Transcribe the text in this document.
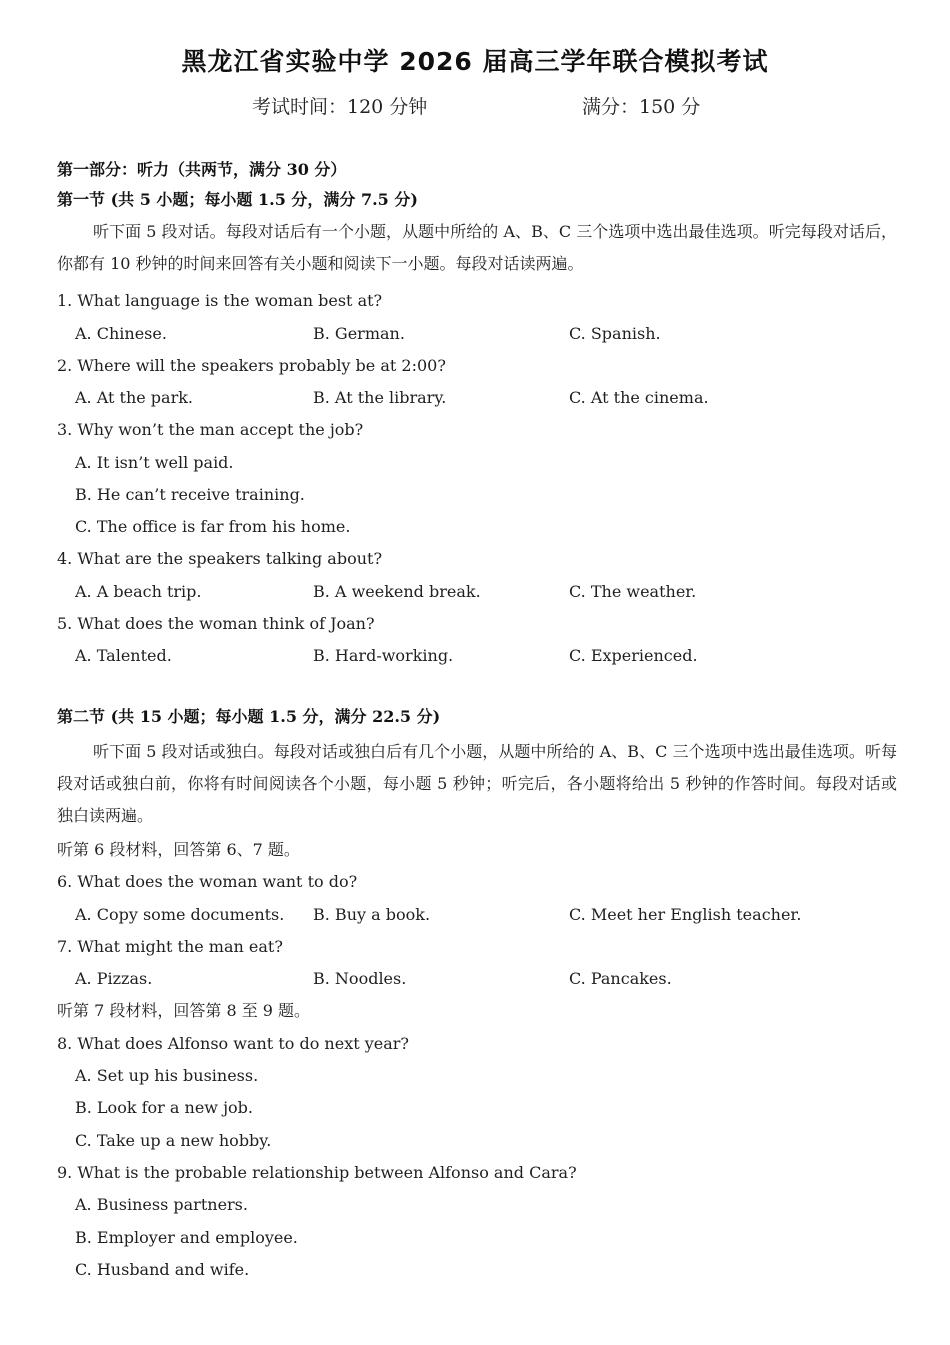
黑龙江省实验中学 2026 届高三学年联合模拟考试
考试时间：120 分钟	满分：150 分
第一部分：听力（共两节，满分 30 分）
第一节 (共 5 小题；每小题 1.5 分，满分 7.5 分)
听下面 5 段对话。每段对话后有一个小题，从题中所给的 A、B、C 三个选项中选出最佳选项。听完每段对话后，你都有 10 秒钟的时间来回答有关小题和阅读下一小题。每段对话读两遍。
1. What language is the woman best at?
A. Chinese.	B. German.	C. Spanish.
2. Where will the speakers probably be at 2:00?
A. At the park.	B. At the library.	C. At the cinema.
3. Why won’t the man accept the job?
A. It isn’t well paid.
B. He can’t receive training.
C. The office is far from his home.
4. What are the speakers talking about?
A. A beach trip.	B. A weekend break.	C. The weather.
5. What does the woman think of Joan?
A. Talented.	B. Hard-working.	C. Experienced.
第二节 (共 15 小题；每小题 1.5 分，满分 22.5 分)
听下面 5 段对话或独白。每段对话或独白后有几个小题，从题中所给的 A、B、C 三个选项中选出最佳选项。听每段对话或独白前，你将有时间阅读各个小题，每小题 5 秒钟；听完后，各小题将给出 5 秒钟的作答时间。每段对话或独白读两遍。
听第 6 段材料，回答第 6、7 题。
6. What does the woman want to do?
A. Copy some documents. B. Buy a book.	C. Meet her English teacher.
7. What might the man eat?
A. Pizzas.	B. Noodles.	C. Pancakes.
听第 7 段材料，回答第 8 至 9 题。
8. What does Alfonso want to do next year?
A. Set up his business.
B. Look for a new job.
C. Take up a new hobby.
9. What is the probable relationship between Alfonso and Cara?
A. Business partners.
B. Employer and employee.
C. Husband and wife.
